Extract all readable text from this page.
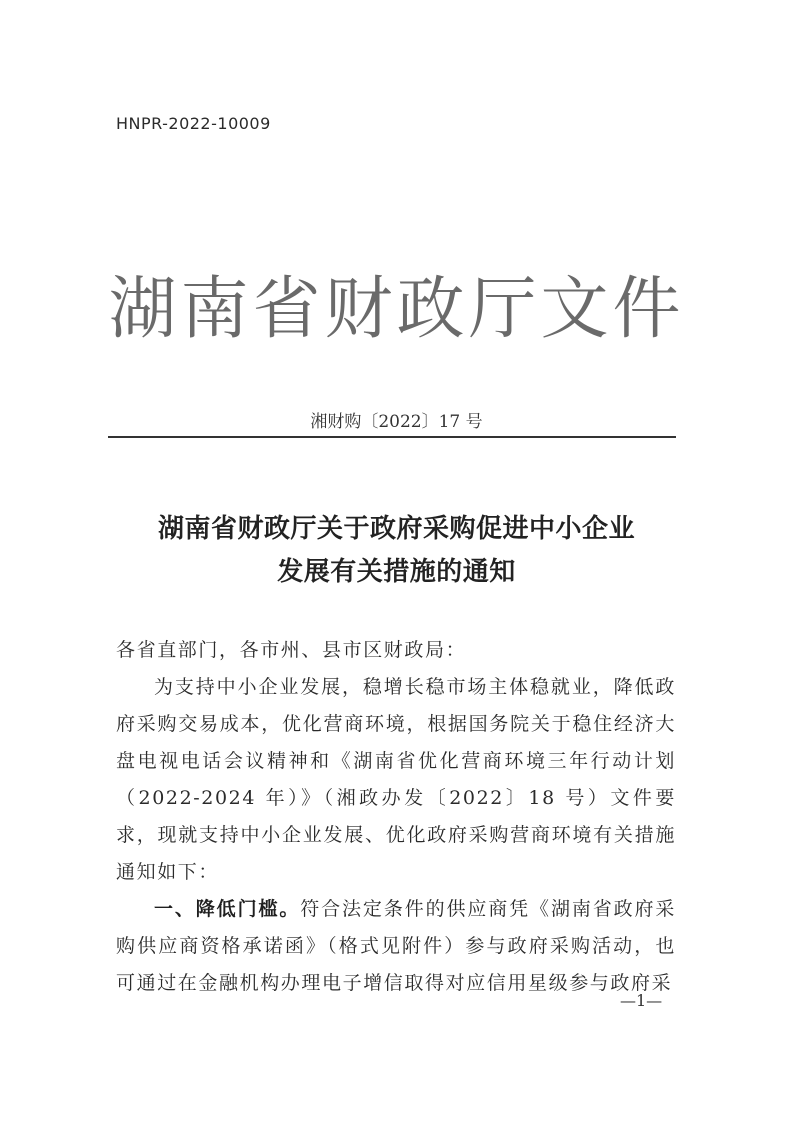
HNPR-2022-10009
湖南省财政厅文件
湘财购〔2022〕17 号
湖南省财政厅关于政府采购促进中小企业
发展有关措施的通知

各省直部门，各市州、县市区财政局：

为支持中小企业发展，稳增长稳市场主体稳就业，降低政府采购交易成本，优化营商环境，根据国务院关于稳住经济大盘电视电话会议精神和《湖南省优化营商环境三年行动计划（2022-2024 年）》（湘政办发〔2022〕18 号）文件要求，现就支持中小企业发展、优化政府采购营商环境有关措施通知如下：

一、降低门槛。符合法定条件的供应商凭《湖南省政府采购供应商资格承诺函》（格式见附件）参与政府采购活动，也可通过在金融机构办理电子增信取得对应信用星级参与政府采

—1—
